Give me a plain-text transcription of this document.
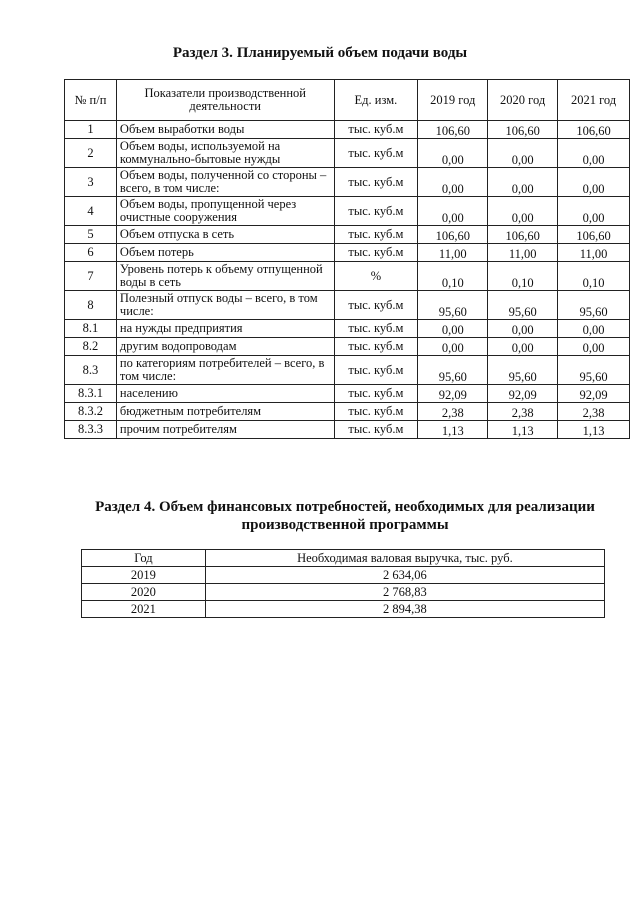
Раздел 3. Планируемый объем подачи воды
№ п/п	Показатели производственной деятельности	Ед. изм.	2019 год	2020 год	2021 год
1	Объем выработки воды	тыс. куб.м	106,60	106,60	106,60
2	Объем воды, используемой на коммунально-бытовые нужды	тыс. куб.м	0,00	0,00	0,00
3	Объем воды, полученной со стороны – всего, в том числе:	тыс. куб.м	0,00	0,00	0,00
4	Объем воды, пропущенной через очистные сооружения	тыс. куб.м	0,00	0,00	0,00
5	Объем отпуска в сеть	тыс. куб.м	106,60	106,60	106,60
6	Объем потерь	тыс. куб.м	11,00	11,00	11,00
7	Уровень потерь к объему отпущенной воды в сеть	%	0,10	0,10	0,10
8	Полезный отпуск воды – всего, в том числе:	тыс. куб.м	95,60	95,60	95,60
8.1	на нужды предприятия	тыс. куб.м	0,00	0,00	0,00
8.2	другим водопроводам	тыс. куб.м	0,00	0,00	0,00
8.3	по категориям потребителей – всего, в том числе:	тыс. куб.м	95,60	95,60	95,60
8.3.1	населению	тыс. куб.м	92,09	92,09	92,09
8.3.2	бюджетным потребителям	тыс. куб.м	2,38	2,38	2,38
8.3.3	прочим потребителям	тыс. куб.м	1,13	1,13	1,13
Раздел 4. Объем финансовых потребностей, необходимых для реализации производственной программы
Год	Необходимая валовая выручка, тыс. руб.
2019	2 634,06
2020	2 768,83
2021	2 894,38
